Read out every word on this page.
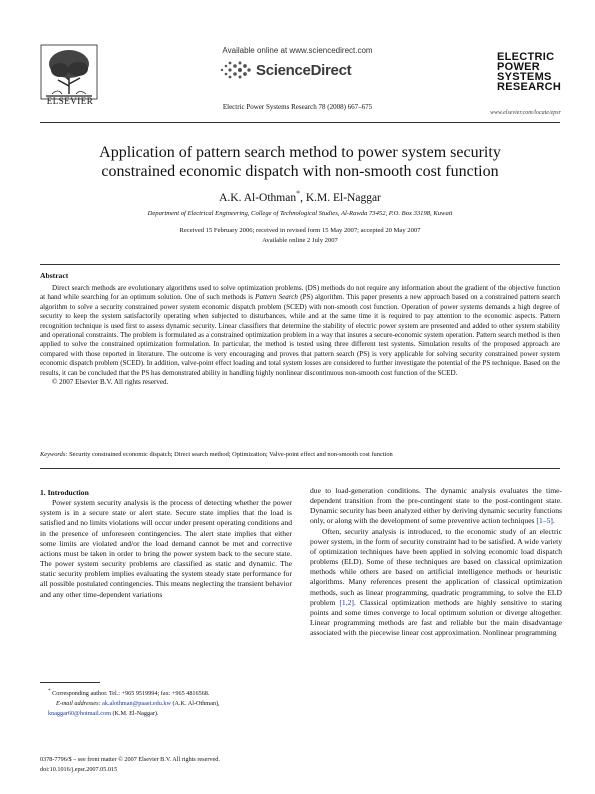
Available online at www.sciencedirect.com
ScienceDirect
ELSEVIER
Electric Power Systems Research 78 (2008) 667–675
ELECTRIC
POWER
SYSTEMS
RESEARCH
www.elsevier.com/locate/epsr
Application of pattern search method to power system security
constrained economic dispatch with non-smooth cost function
A.K. Al-Othman*, K.M. El-Naggar
Department of Electrical Engineering, College of Technological Studies, Al-Rawda 73452, P.O. Box 33198, Kuwait
Received 15 February 2006; received in revised form 15 May 2007; accepted 20 May 2007
Available online 2 July 2007
Abstract

Direct search methods are evolutionary algorithms used to solve optimization problems. (DS) methods do not require any information about the gradient of the objective function at hand while searching for an optimum solution. One of such methods is Pattern Search (PS) algorithm. This paper presents a new approach based on a constrained pattern search algorithm to solve a security constrained power system economic dispatch problem (SCED) with non-smooth cost function. Operation of power systems demands a high degree of security to keep the system satisfactorily operating when subjected to disturbances, while and at the same time it is required to pay attention to the economic aspects. Pattern recognition technique is used first to assess dynamic security. Linear classifiers that determine the stability of electric power system are presented and added to other system stability and operational constraints. The problem is formulated as a constrained optimization problem in a way that insures a secure-economic system operation. Pattern search method is then applied to solve the constrained optimization formulation. In particular, the method is tested using three different test systems. Simulation results of the proposed approach are compared with those reported in literature. The outcome is very encouraging and proves that pattern search (PS) is very applicable for solving security constrained power system economic dispatch problem (SCED). In addition, valve-point effect loading and total system losses are considered to further investigate the potential of the PS technique. Based on the results, it can be concluded that the PS has demonstrated ability in handling highly nonlinear discontinuous non-smooth cost function of the SCED.

© 2007 Elsevier B.V. All rights reserved.

Keywords: Security constrained economic dispatch; Direct search method; Optimization; Valve-point effect and non-smooth cost function

1. Introduction

Power system security analysis is the process of detecting whether the power system is in a secure state or alert state. Secure state implies that the load is satisfied and no limits violations will occur under present operating conditions and in the presence of unforeseen contingencies. The alert state implies that either some limits are violated and/or the load demand cannot be met and corrective actions must be taken in order to bring the power system back to the secure state. The power system security problems are classified as static and dynamic. The static security problem implies evaluating the system steady state performance for all possible postulated contingencies. This means neglecting the transient behavior and any other time-dependent variations

due to load-generation conditions. The dynamic analysis evaluates the time-dependent transition from the pre-contingent state to the post-contingent state. Dynamic security has been analyzed either by deriving dynamic security functions only, or along with the development of some preventive action techniques [1–5].

Often, security analysis is introduced, to the economic study of an electric power system, in the form of security constraint had to be satisfied. A wide variety of optimization techniques have been applied in solving economic load dispatch problems (ELD). Some of these techniques are based on classical optimization methods while others are based on artificial intelligence methods or heuristic algorithms. Many references present the application of classical optimization methods, such as linear programming, quadratic programming, to solve the ELD problem [1,2]. Classical optimization methods are highly sensitive to staring points and some times converge to local optimum solution or diverge altogether. Linear programming methods are fast and reliable but the main disadvantage associated with the piecewise linear cost approximation. Nonlinear programming

* Corresponding author. Tel.: +965 9519994; fax: +965 4816568.
E-mail addresses: ak.alothman@paaet.edu.kw (A.K. Al-Othman),
knaggar60@hotmail.com (K.M. El-Naggar).
0378-7796/$ – see front matter © 2007 Elsevier B.V. All rights reserved.
doi:10.1016/j.epsr.2007.05.015
